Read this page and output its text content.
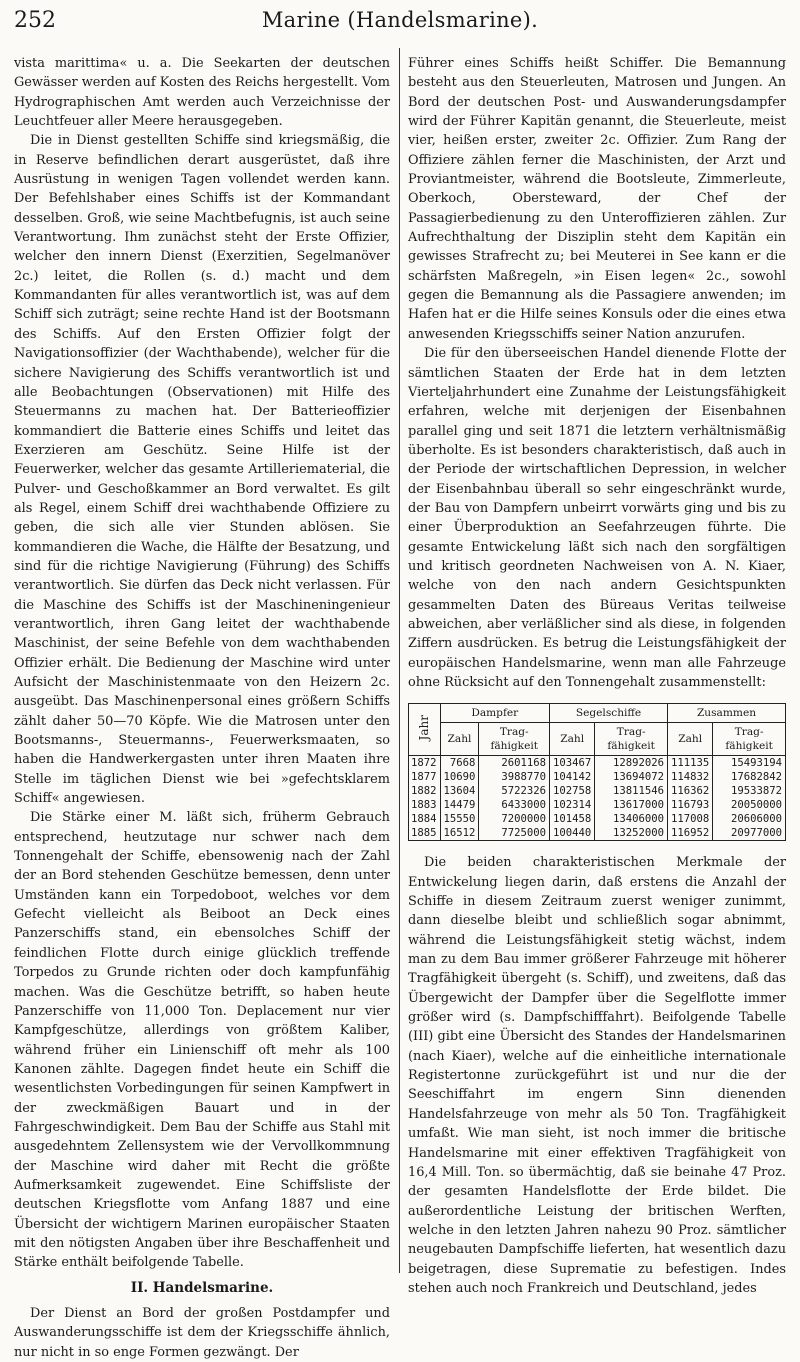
252	Marine (Handelsmarine).

vista marittima« u. a. Die Seekarten der deutschen Gewässer werden auf Kosten des Reichs hergestellt. Vom Hydrographischen Amt werden auch Verzeichnisse der Leuchtfeuer aller Meere herausgegeben.

Die in Dienst gestellten Schiffe sind kriegsmäßig, die in Reserve befindlichen derart ausgerüstet, daß ihre Ausrüstung in wenigen Tagen vollendet werden kann. Der Befehlshaber eines Schiffs ist der Kommandant desselben. Groß, wie seine Machtbefugnis, ist auch seine Verantwortung. Ihm zunächst steht der Erste Offizier, welcher den innern Dienst (Exerzitien, Segelmanöver 2c.) leitet, die Rollen (s. d.) macht und dem Kommandanten für alles verantwortlich ist, was auf dem Schiff sich zuträgt; seine rechte Hand ist der Bootsmann des Schiffs. Auf den Ersten Offizier folgt der Navigationsoffizier (der Wachthabende), welcher für die sichere Navigierung des Schiffs verantwortlich ist und alle Beobachtungen (Observationen) mit Hilfe des Steuermanns zu machen hat. Der Batterieoffizier kommandiert die Batterie eines Schiffs und leitet das Exerzieren am Geschütz. Seine Hilfe ist der Feuerwerker, welcher das gesamte Artilleriematerial, die Pulver- und Geschoßkammer an Bord verwaltet. Es gilt als Regel, einem Schiff drei wachthabende Offiziere zu geben, die sich alle vier Stunden ablösen. Sie kommandieren die Wache, die Hälfte der Besatzung, und sind für die richtige Navigierung (Führung) des Schiffs verantwortlich. Sie dürfen das Deck nicht verlassen. Für die Maschine des Schiffs ist der Maschineningenieur verantwortlich, ihren Gang leitet der wachthabende Maschinist, der seine Befehle von dem wachthabenden Offizier erhält. Die Bedienung der Maschine wird unter Aufsicht der Maschinistenmaate von den Heizern 2c. ausgeübt. Das Maschinenpersonal eines größern Schiffs zählt daher 50—70 Köpfe. Wie die Matrosen unter den Bootsmanns-, Steuermanns-, Feuerwerksmaaten, so haben die Handwerkergasten unter ihren Maaten ihre Stelle im täglichen Dienst wie bei »gefechtsklarem Schiff« angewiesen.

Die Stärke einer M. läßt sich, früherm Gebrauch entsprechend, heutzutage nur schwer nach dem Tonnengehalt der Schiffe, ebensowenig nach der Zahl der an Bord stehenden Geschütze bemessen, denn unter Umständen kann ein Torpedoboot, welches vor dem Gefecht vielleicht als Beiboot an Deck eines Panzerschiffs stand, ein ebensolches Schiff der feindlichen Flotte durch einige glücklich treffende Torpedos zu Grunde richten oder doch kampfunfähig machen. Was die Geschütze betrifft, so haben heute Panzerschiffe von 11,000 Ton. Deplacement nur vier Kampfgeschütze, allerdings von größtem Kaliber, während früher ein Linienschiff oft mehr als 100 Kanonen zählte. Dagegen findet heute ein Schiff die wesentlichsten Vorbedingungen für seinen Kampfwert in der zweckmäßigen Bauart und in der Fahrgeschwindigkeit. Dem Bau der Schiffe aus Stahl mit ausgedehntem Zellensystem wie der Vervollkommnung der Maschine wird daher mit Recht die größte Aufmerksamkeit zugewendet. Eine Schiffsliste der deutschen Kriegsflotte vom Anfang 1887 und eine Übersicht der wichtigern Marinen europäischer Staaten mit den nötigsten Angaben über ihre Beschaffenheit und Stärke enthält beifolgende Tabelle.

II. Handelsmarine.

Der Dienst an Bord der großen Postdampfer und Auswanderungsschiffe ist dem der Kriegsschiffe ähnlich, nur nicht in so enge Formen gezwängt. Der

Führer eines Schiffs heißt Schiffer. Die Bemannung besteht aus den Steuerleuten, Matrosen und Jungen. An Bord der deutschen Post- und Auswanderungsdampfer wird der Führer Kapitän genannt, die Steuerleute, meist vier, heißen erster, zweiter 2c. Offizier. Zum Rang der Offiziere zählen ferner die Maschinisten, der Arzt und Proviantmeister, während die Bootsleute, Zimmerleute, Oberkoch, Obersteward, der Chef der Passagierbedienung zu den Unteroffizieren zählen. Zur Aufrechthaltung der Disziplin steht dem Kapitän ein gewisses Strafrecht zu; bei Meuterei in See kann er die schärfsten Maßregeln, »in Eisen legen« 2c., sowohl gegen die Bemannung als die Passagiere anwenden; im Hafen hat er die Hilfe seines Konsuls oder die eines etwa anwesenden Kriegsschiffs seiner Nation anzurufen.

Die für den überseeischen Handel dienende Flotte der sämtlichen Staaten der Erde hat in dem letzten Vierteljahrhundert eine Zunahme der Leistungsfähigkeit erfahren, welche mit derjenigen der Eisenbahnen parallel ging und seit 1871 die letztern verhältnismäßig überholte. Es ist besonders charakteristisch, daß auch in der Periode der wirtschaftlichen Depression, in welcher der Eisenbahnbau überall so sehr eingeschränkt wurde, der Bau von Dampfern unbeirrt vorwärts ging und bis zu einer Überproduktion an Seefahrzeugen führte. Die gesamte Entwickelung läßt sich nach den sorgfältigen und kritisch geordneten Nachweisen von A. N. Kiaer, welche von den nach andern Gesichtspunkten gesammelten Daten des Büreaus Veritas teilweise abweichen, aber verläßlicher sind als diese, in folgenden Ziffern ausdrücken. Es betrug die Leistungsfähigkeit der europäischen Handelsmarine, wenn man alle Fahrzeuge ohne Rücksicht auf den Tonnengehalt zusammenstellt:

Jahr	Dampfer		Segelschiffe		Zusammen	
	Zahl	Trag-fähigkeit	Zahl	Trag-fähigkeit	Zahl	Trag-fähigkeit
1872	7668	2601168	103467	12892026	111135	15493194
1877	10690	3988770	104142	13694072	114832	17682842
1882	13604	5722326	102758	13811546	116362	19533872
1883	14479	6433000	102314	13617000	116793	20050000
1884	15550	7200000	101458	13406000	117008	20606000
1885	16512	7725000	100440	13252000	116952	20977000

Die beiden charakteristischen Merkmale der Entwickelung liegen darin, daß erstens die Anzahl der Schiffe in diesem Zeitraum zuerst weniger zunimmt, dann dieselbe bleibt und schließlich sogar abnimmt, während die Leistungsfähigkeit stetig wächst, indem man zu dem Bau immer größerer Fahrzeuge mit höherer Tragfähigkeit übergeht (s. Schiff), und zweitens, daß das Übergewicht der Dampfer über die Segelflotte immer größer wird (s. Dampfschifffahrt). Beifolgende Tabelle (III) gibt eine Übersicht des Standes der Handelsmarinen (nach Kiaer), welche auf die einheitliche internationale Registertonne zurückgeführt ist und nur die der Seeschiffahrt im engern Sinn dienenden Handelsfahrzeuge von mehr als 50 Ton. Tragfähigkeit umfaßt. Wie man sieht, ist noch immer die britische Handelsmarine mit einer effektiven Tragfähigkeit von 16,4 Mill. Ton. so übermächtig, daß sie beinahe 47 Proz. der gesamten Handelsflotte der Erde bildet. Die außerordentliche Leistung der britischen Werften, welche in den letzten Jahren nahezu 90 Proz. sämtlicher neugebauten Dampfschiffe lieferten, hat wesentlich dazu beigetragen, diese Suprematie zu befestigen. Indes stehen auch noch Frankreich und Deutschland, jedes
